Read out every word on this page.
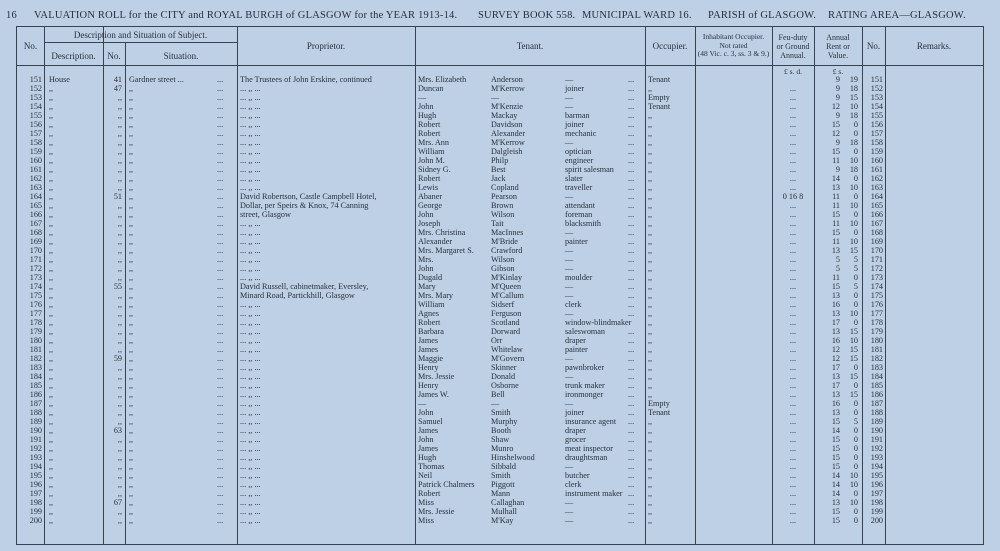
16 VALUATION ROLL for the CITY and ROYAL BURGH of GLASGOW for the YEAR 1913-14. SURVEY BOOK 558. MUNICIPAL WARD 16. PARISH of GLASGOW. RATING AREA—GLASGOW.
No.
Description and Situation of Subject.
Description.	No.	Situation.
Proprietor.	Tenant.	Occupier.
Inhabitant Occupier.
Not rated
(48 Vic. c. 3, ss. 3 & 9.)
Feu-duty
or Ground
Annual.
Annual
Rent or
Value.
No.	Remarks.
£ s. d.	£ s.
151 House	41 Gardner street ...	...	The Trustees of John Erskine, continued	Mrs. Elizabeth	Anderson	—	...	Tenant	9	19	151
152 ,,	47 ,,	...	... ,, ...	Duncan	M'Kerrow	joiner	...	,,	...	9	18	152
153 ,,	,, ,,	...	... ,, ...	—	—	—	...	Empty	...	9	15	153
154 ,,	,, ,,	...	... ,, ...	John	M'Kenzie	—	...	Tenant	...	12	10	154
155 ,,	,, ,,	...	... ,, ...	Hugh	Mackay	barman	...	,,	...	9	18	155
156 ,,	,, ,,	...	... ,, ...	Robert	Davidson	joiner	...	,,	...	15	0	156
157 ,,	,, ,,	...	... ,, ...	Robert	Alexander	mechanic	...	,,	...	12	0	157
158 ,,	,, ,,	...	... ,, ...	Mrs. Ann	M'Kerrow	—	...	,,	...	9	18	158
159 ,,	,, ,,	...	... ,, ...	William	Dalgleish	optician	...	,,	...	15	0	159
160 ,,	,, ,,	...	... ,, ...	John M.	Philp	engineer	...	,,	...	11	10	160
161 ,,	,, ,,	...	... ,, ...	Sidney G.	Best	spirit salesman	...	,,	...	9	18	161
162 ,,	,, ,,	...	... ,, ...	Robert	Jack	slater	...	,,	...	14	0	162
163 ,,	,, ,,	...	... ,, ...	Lewis	Copland	traveller	...	,,	...	13	10	163
164 ,,	51 ,,	...	David Robertson, Castle Campbell Hotel,	Abaner	Pearson	—	...	,,	0 16 8	11	0	164
165 ,,	,, ,,	...	Dollar, per Speirs & Knox, 74 Canning	George	Brown	attendant	...	,,	...	11	10	165
166 ,,	,, ,,	...	street, Glasgow	John	Wilson	foreman	...	,,	...	15	0	166
167 ,,	,, ,,	...	... ,, ...	Joseph	Tait	blacksmith	...	,,	...	11	10	167
168 ,,	,, ,,	...	... ,, ...	Mrs. Christina	MacInnes	—	...	,,	...	15	0	168
169 ,,	,, ,,	...	... ,, ...	Alexander	M'Bride	painter	...	,,	...	11	10	169
170 ,,	,, ,,	...	... ,, ...	Mrs. Margaret S.	Crawford	—	...	,,	...	13	15	170
171 ,,	,, ,,	...	... ,, ...	Mrs.	Wilson	—	...	,,	...	5	5	171
172 ,,	,, ,,	...	... ,, ...	John	Gibson	—	...	,,	...	5	5	172
173 ,,	,, ,,	...	... ,, ...	Dugald	M'Kinlay	moulder	...	,,	...	11	0	173
174 ,,	55 ,,	...	David Russell, cabinetmaker, Eversley,	Mary	M'Queen	—	...	,,	...	15	5	174
175 ,,	,, ,,	...	Minard Road, Partickhill, Glasgow	Mrs. Mary	M'Callum	—	...	,,	...	13	0	175
176 ,,	,, ,,	...	... ,, ...	William	Sidserf	clerk	...	,,	...	16	0	176
177 ,,	,, ,,	...	... ,, ...	Agnes	Ferguson	—	...	,,	...	13	10	177
178 ,,	,, ,,	...	... ,, ...	Robert	Scotland	window-blindmaker ,,	...	17	0	178
179 ,,	,, ,,	...	... ,, ...	Barbara	Dorward	saleswoman	...	,,	...	13	15	179
180 ,,	,, ,,	...	... ,, ...	James	Orr	draper	...	,,	...	16	10	180
181 ,,	,, ,,	...	... ,, ...	James	Whitelaw	painter	...	,,	...	12	15	181
182 ,,	59 ,,	...	... ,, ...	Maggie	M'Govern	—	...	,,	...	12	15	182
183 ,,	,, ,,	...	... ,, ...	Henry	Skinner	pawnbroker	...	,,	...	17	0	183
184 ,,	,, ,,	...	... ,, ...	Mrs. Jessie	Donald	—	...	,,	...	13	15	184
185 ,,	,, ,,	...	... ,, ...	Henry	Osborne	trunk maker	...	,,	...	17	0	185
186 ,,	,, ,,	...	... ,, ...	James W.	Bell	ironmonger	...	,,	...	13	15	186
187 ,,	,, ,,	...	... ,, ...	—	—	—	...	Empty	...	16	0	187
188 ,,	,, ,,	...	... ,, ...	John	Smith	joiner	...	Tenant	...	13	0	188
189 ,,	,, ,,	...	... ,, ...	Samuel	Murphy	insurance agent	...	,,	...	15	5	189
190 ,,	63 ,,	...	... ,, ...	James	Booth	draper	...	,,	...	14	0	190
191 ,,	,, ,,	...	... ,, ...	John	Shaw	grocer	...	,,	...	15	0	191
192 ,,	,, ,,	...	... ,, ...	James	Munro	meat inspector	...	,,	...	15	0	192
193 ,,	,, ,,	...	... ,, ...	Hugh	Hinshelwood	draughtsman	...	,,	...	15	0	193
194 ,,	,, ,,	...	... ,, ...	Thomas	Sibbald	—	...	,,	...	15	0	194
195 ,,	,, ,,	...	... ,, ...	Neil	Smith	butcher	...	,,	...	14	10	195
196 ,,	,, ,,	...	... ,, ...	Patrick Chalmers	Piggott	clerk	...	,,	...	14	10	196
197 ,,	,, ,,	...	... ,, ...	Robert	Mann	instrument maker ...	,,	...	14	0	197
198 ,,	67 ,,	...	... ,, ...	Miss	Callaghan	—	...	,,	...	13	10	198
199 ,,	,, ,,	...	... ,, ...	Mrs. Jessie	Mulhall	—	...	,,	...	15	0	199
200 ,,	,, ,,	...	... ,, ...	Miss	M'Kay	—	...	,,	...	15	0	200
